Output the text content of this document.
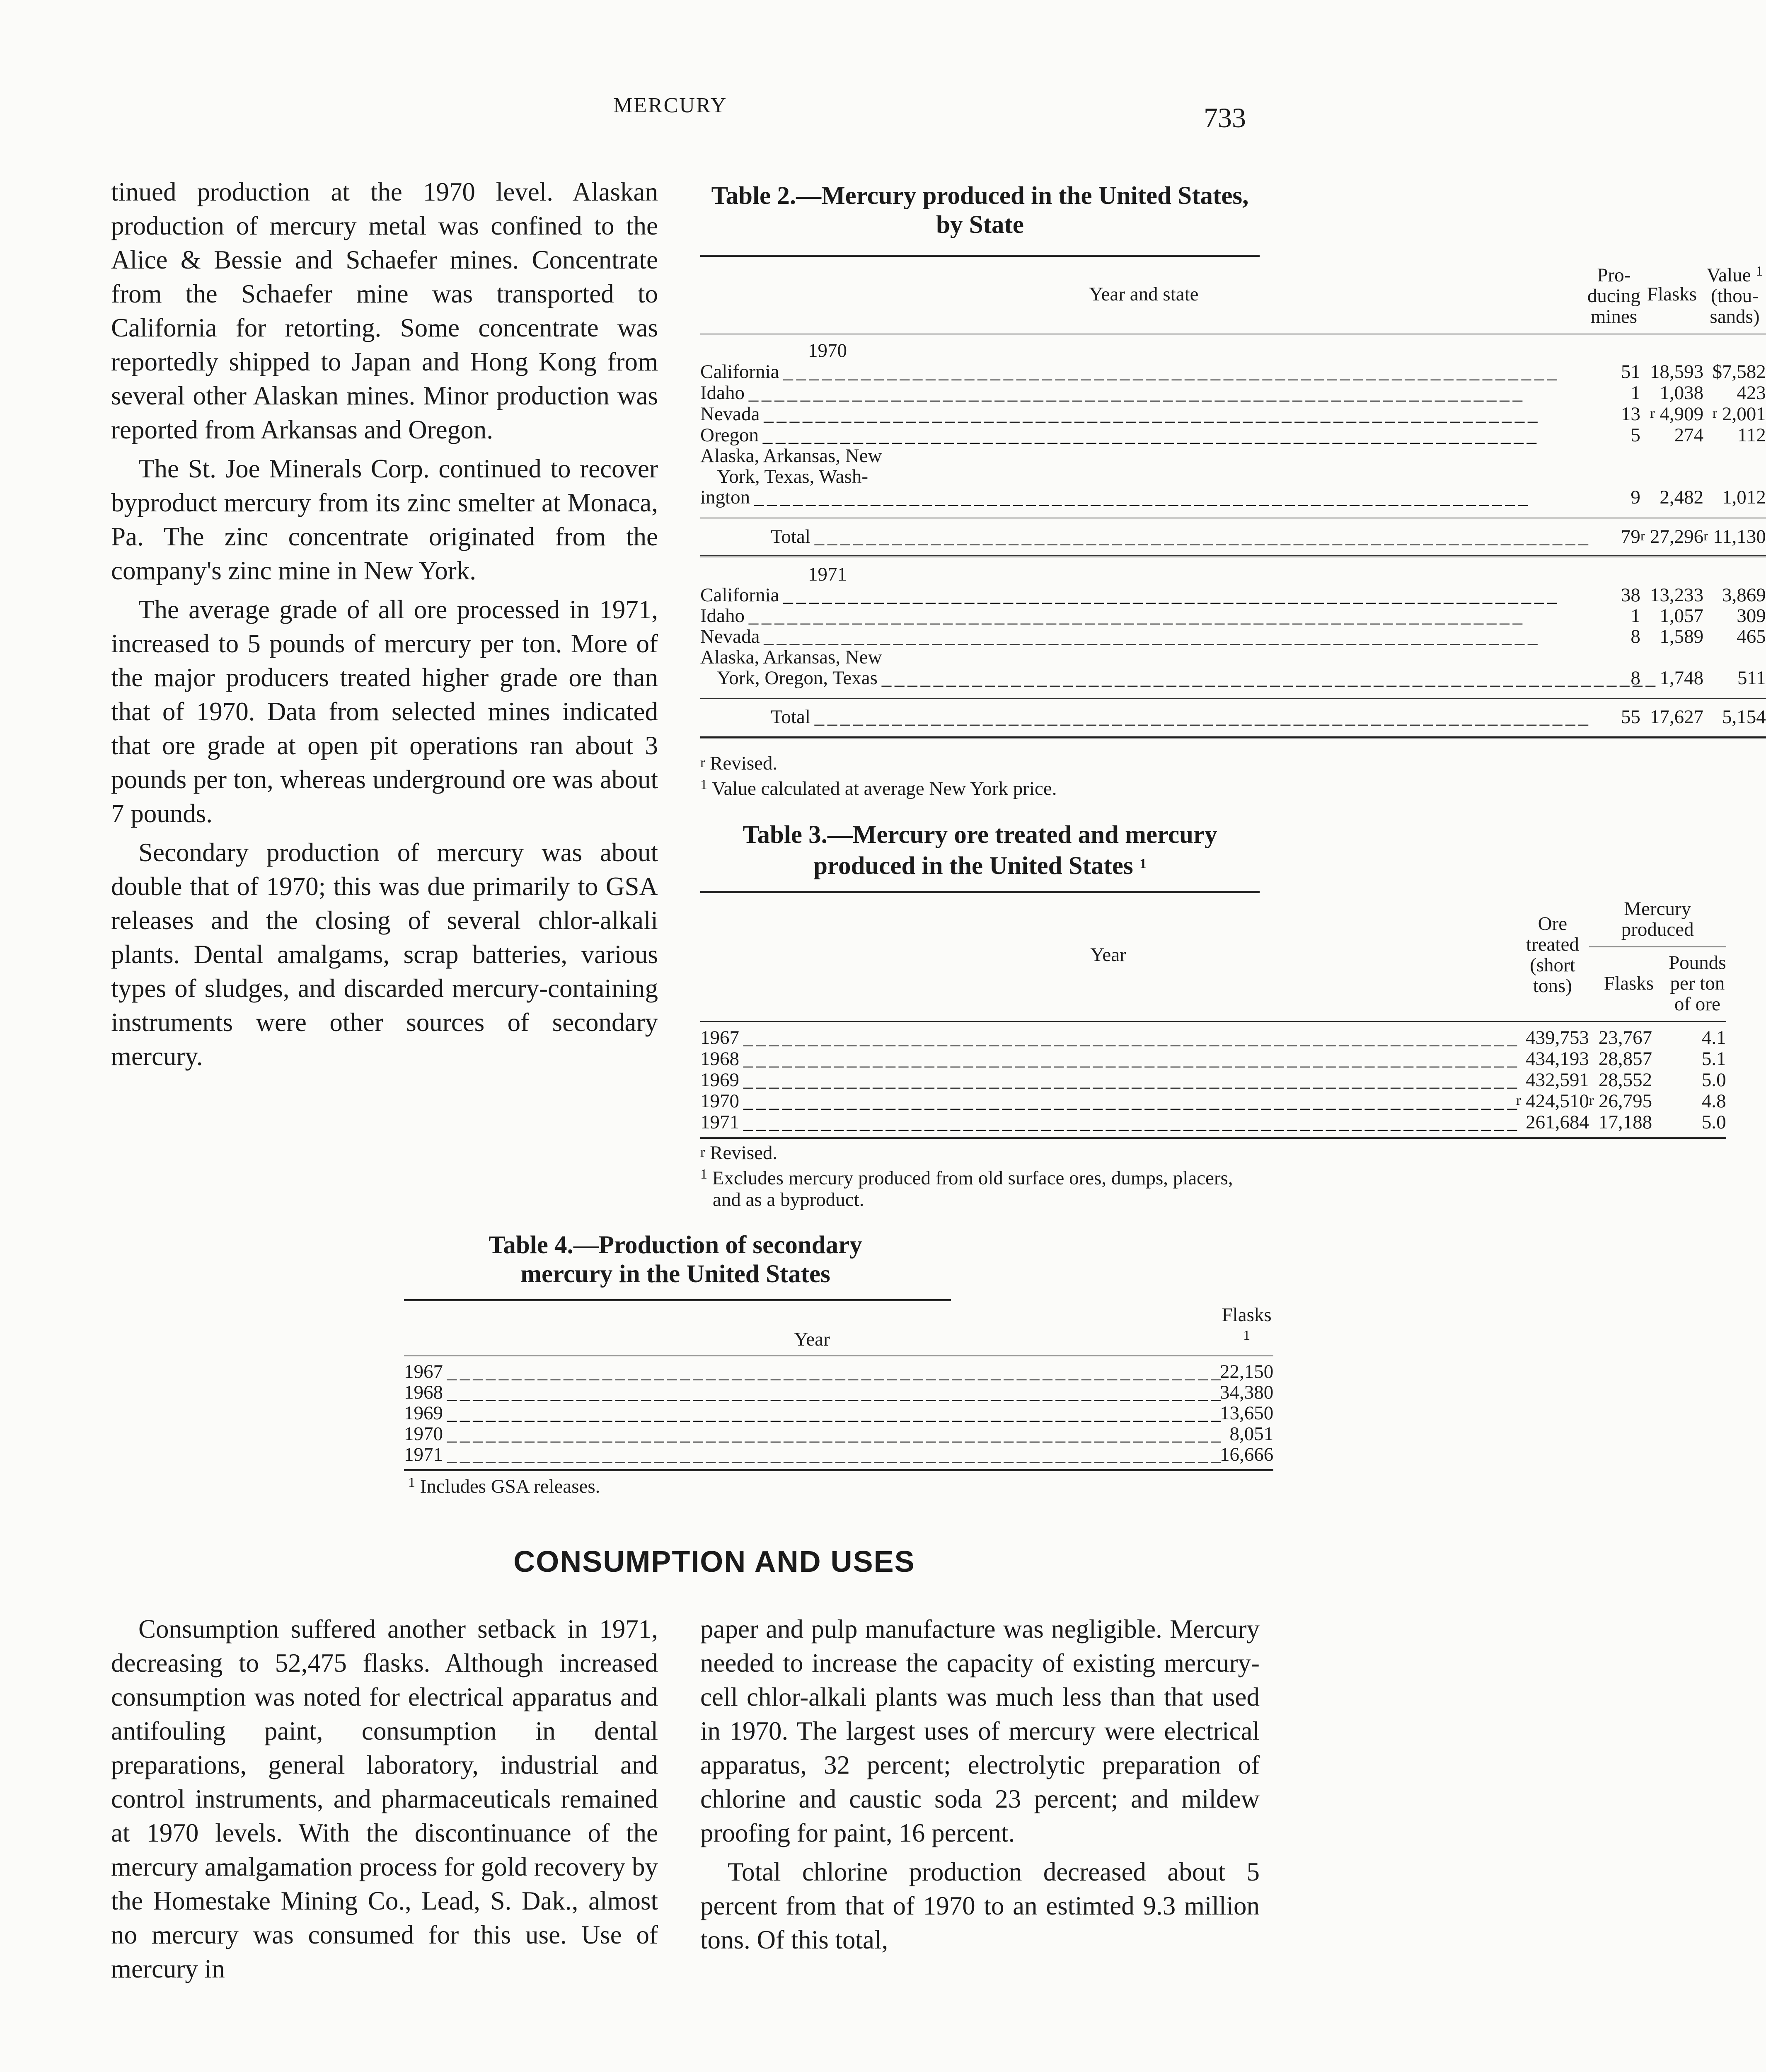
MERCURY	733

tinued production at the 1970 level. Alaskan production of mercury metal was confined to the Alice & Bessie and Schaefer mines. Concentrate from the Schaefer mine was transported to California for retorting. Some concentrate was reportedly shipped to Japan and Hong Kong from several other Alaskan mines. Minor production was reported from Arkansas and Oregon.

The St. Joe Minerals Corp. continued to recover byproduct mercury from its zinc smelter at Monaca, Pa. The zinc concentrate originated from the company's zinc mine in New York.

The average grade of all ore processed in 1971, increased to 5 pounds of mercury per ton. More of the major producers treated higher grade ore than that of 1970. Data from selected mines indicated that ore grade at open pit operations ran about 3 pounds per ton, whereas underground ore was about 7 pounds.

Secondary production of mercury was about double that of 1970; this was due primarily to GSA releases and the closing of several chlor-alkali plants. Dental amalgams, scrap batteries, various types of sludges, and discarded mercury-containing instruments were other sources of secondary mercury.

Table 2.—Mercury produced in the United States, by State
Year and state	Pro-
ducing
mines	Flasks	Value $^1$
(thou-
sands)

1970			
California _ _ _	51	18,593	$7,582
Idaho _ _ _	1	1,038	423
Nevada _ _ _	13	r 4,909	r 2,001
Oregon _ _ _	5	274	112
Alaska, Arkansas, New
York, Texas, Wash-
ington _ _ _	9	2,482	1,012

Total _ _ _	79	r 27,296	r 11,130

1971			
California _ _ _	38	13,233	3,869
Idaho _ _ _	1	1,057	309
Nevada _ _ _	8	1,589	465
Alaska, Arkansas, New
York, Oregon, Texas _ _ _	8	1,748	511

Total _ _ _	55	17,627	5,154

r Revised.
$^1$ Value calculated at average New York price.
Table 3.—Mercury ore treated and mercury
produced in the United States $^1$
Year	Ore treated
(short tons)	Mercury produced	
		Flasks	Pounds
per ton
of ore

1967 _ _ _	439,753	23,767	4.1
1968 _ _ _	434,193	28,857	5.1
1969 _ _ _	432,591	28,552	5.0
1970 _ _ _	r 424,510	r 26,795	4.8
1971 _ _ _	261,684	17,188	5.0

r Revised.
$^1$ Excludes mercury produced from old surface ores, dumps, placers, and as a byproduct.
Table 4.—Production of secondary
mercury in the United States
Year	Flasks $^1$

1967 _ _ _	22,150
1968 _ _ _	34,380
1969 _ _ _	13,650
1970 _ _ _	8,051
1971 _ _ _	16,666

$^1$ Includes GSA releases.
CONSUMPTION AND USES

Consumption suffered another setback in 1971, decreasing to 52,475 flasks. Although increased consumption was noted for electrical apparatus and antifouling paint, consumption in dental preparations, general laboratory, industrial and control instruments, and pharmaceuticals remained at 1970 levels. With the discontinuance of the mercury amalgamation process for gold recovery by the Homestake Mining Co., Lead, S. Dak., almost no mercury was consumed for this use. Use of mercury in

paper and pulp manufacture was negligible. Mercury needed to increase the capacity of existing mercury-cell chlor-alkali plants was much less than that used in 1970. The largest uses of mercury were electrical apparatus, 32 percent; electrolytic preparation of chlorine and caustic soda 23 percent; and mildew proofing for paint, 16 percent.

Total chlorine production decreased about 5 percent from that of 1970 to an estimted 9.3 million tons. Of this total,
